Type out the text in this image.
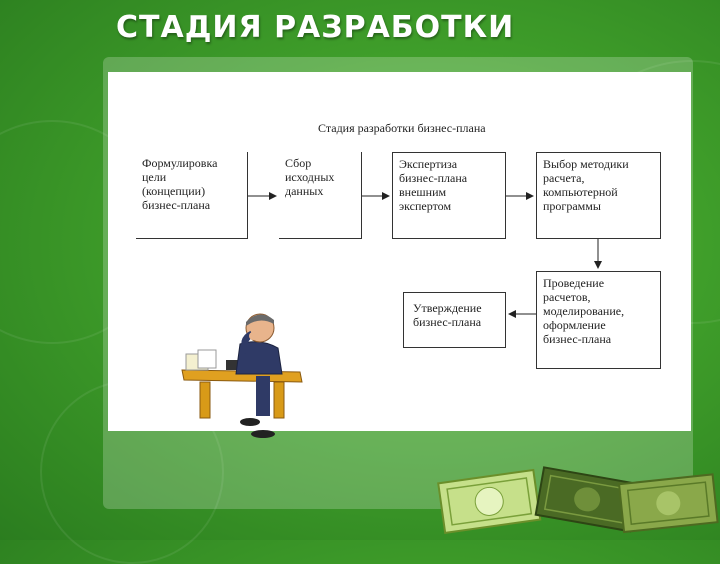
СТАДИЯ РАЗРАБОТКИ
Стадия разработки бизнес-плана
Формулировка
цели
(концепции)
бизнес-плана
Сбор
исходных
данных
Экспертиза
бизнес-плана
внешним
экспертом
Выбор методики
расчета,
компьютерной
программы
Проведение
расчетов,
моделирование,
оформление
бизнес-плана
Утверждение
бизнес-плана
